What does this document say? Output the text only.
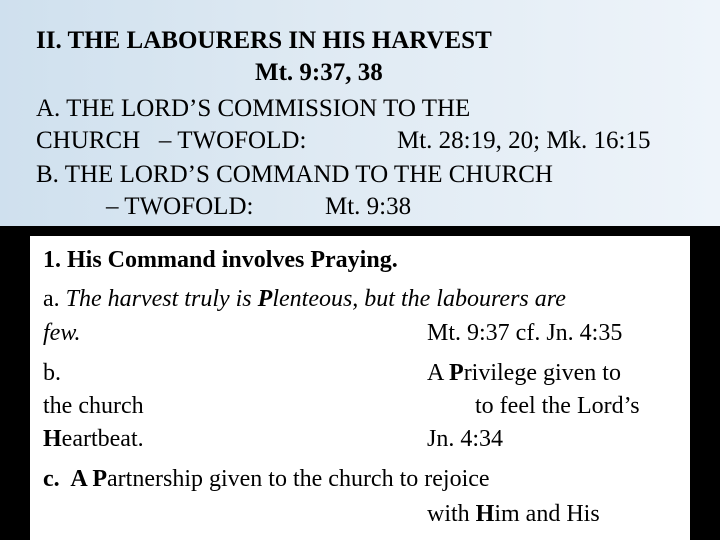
II. THE LABOURERS IN HIS HARVEST
Mt. 9:37, 38
A. THE LORD’S COMMISSION TO THE
CHURCH   – TWOFOLD:	Mt. 28:19, 20; Mk. 16:15
B. THE LORD’S COMMAND TO THE CHURCH
– TWOFOLD:	Mt. 9:38
1. His Command involves Praying.
a. The harvest truly is Plenteous, but the labourers are
few.	Mt. 9:37 cf. Jn. 4:35
b.	A Privilege given to
the church	to feel the Lord’s
Heartbeat.	Jn. 4:34
c.  A Partnership given to the church to rejoice
with Him and His
